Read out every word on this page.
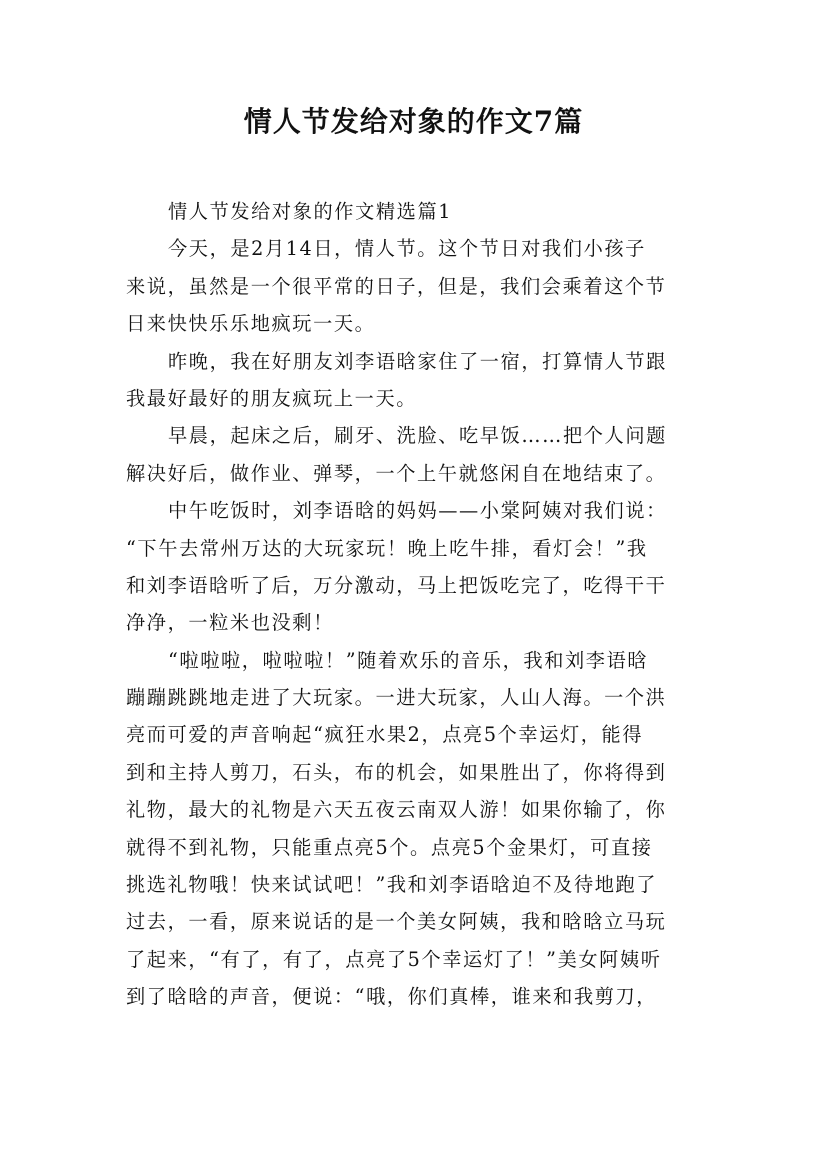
情人节发给对象的作文7篇
情人节发给对象的作文精选篇1
今天，是2月14日，情人节。这个节日对我们小孩子
来说，虽然是一个很平常的日子，但是，我们会乘着这个节
日来快快乐乐地疯玩一天。
昨晚，我在好朋友刘李语晗家住了一宿，打算情人节跟
我最好最好的朋友疯玩上一天。
早晨，起床之后，刷牙、洗脸、吃早饭……把个人问题
解决好后，做作业、弹琴，一个上午就悠闲自在地结束了。
中午吃饭时，刘李语晗的妈妈——小棠阿姨对我们说：
“下午去常州万达的大玩家玩！晚上吃牛排，看灯会！”我
和刘李语晗听了后，万分激动，马上把饭吃完了，吃得干干
净净，一粒米也没剩！
“啦啦啦，啦啦啦！”随着欢乐的音乐，我和刘李语晗
蹦蹦跳跳地走进了大玩家。一进大玩家，人山人海。一个洪
亮而可爱的声音响起“疯狂水果2，点亮5个幸运灯，能得
到和主持人剪刀，石头，布的机会，如果胜出了，你将得到
礼物，最大的礼物是六天五夜云南双人游！如果你输了，你
就得不到礼物，只能重点亮5个。点亮5个金果灯，可直接
挑选礼物哦！快来试试吧！”我和刘李语晗迫不及待地跑了
过去，一看，原来说话的是一个美女阿姨，我和晗晗立马玩
了起来，“有了，有了，点亮了5个幸运灯了！”美女阿姨听
到了晗晗的声音，便说：“哦，你们真棒，谁来和我剪刀，
